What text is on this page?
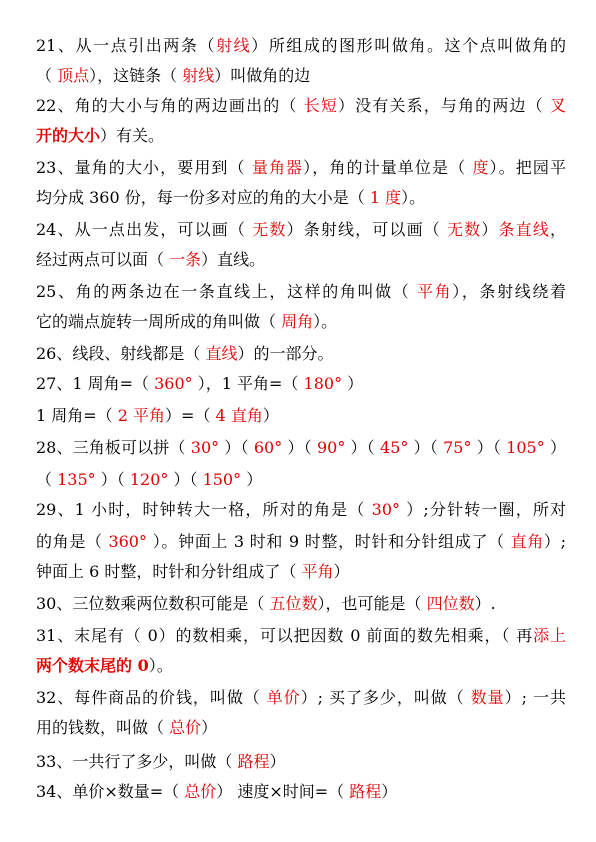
21、从一点引出两条（射线）所组成的图形叫做角。这个点叫做角的
（ 顶点），这链条（ 射线）叫做角的边
22、角的大小与角的两边画出的（ 长短）没有关系，与角的两边（ 叉
开的大小）有关。
23、量角的大小，要用到（ 量角器），角的计量单位是（ 度）。把园平
均分成 360 份，每一份多对应的角的大小是（ 1 度）。
24、从一点出发，可以画（ 无数）条射线，可以画（ 无数）条直线，
经过两点可以面（ 一条）直线。
25、角的两条边在一条直线上，这样的角叫做（ 平角），条射线绕着
它的端点旋转一周所成的角叫做（ 周角）。
26、线段、射线都是（ 直线）的一部分。
27、1 周角=（ 360° ），1 平角=（ 180° ）
1 周角=（ 2 平角）=（ 4 直角）
28、三角板可以拼（ 30° ）（ 60° ）（ 90° ）（ 45° ）（ 75° ）（ 105° ）
（ 135° ）（ 120° ）（ 150° ）
29、1 小时，时钟转大一格，所对的角是（ 30° ）;分针转一圈，所对
的角是（ 360° ）。钟面上 3 时和 9 时整，时针和分针组成了（ 直角）;
钟面上 6 时整，时针和分针组成了（ 平角）
30、三位数乘两位数积可能是（ 五位数），也可能是（ 四位数）.
31、末尾有（ 0）的数相乘，可以把因数 0 前面的数先相乘，（ 再添上
两个数末尾的 0）。
32、每件商品的价钱，叫做（ 单价）; 买了多少，叫做（ 数量）; 一共
用的钱数，叫做（ 总价）
33、一共行了多少，叫做（ 路程）
34、单价×数量=（ 总价） 速度×时间=（ 路程）
